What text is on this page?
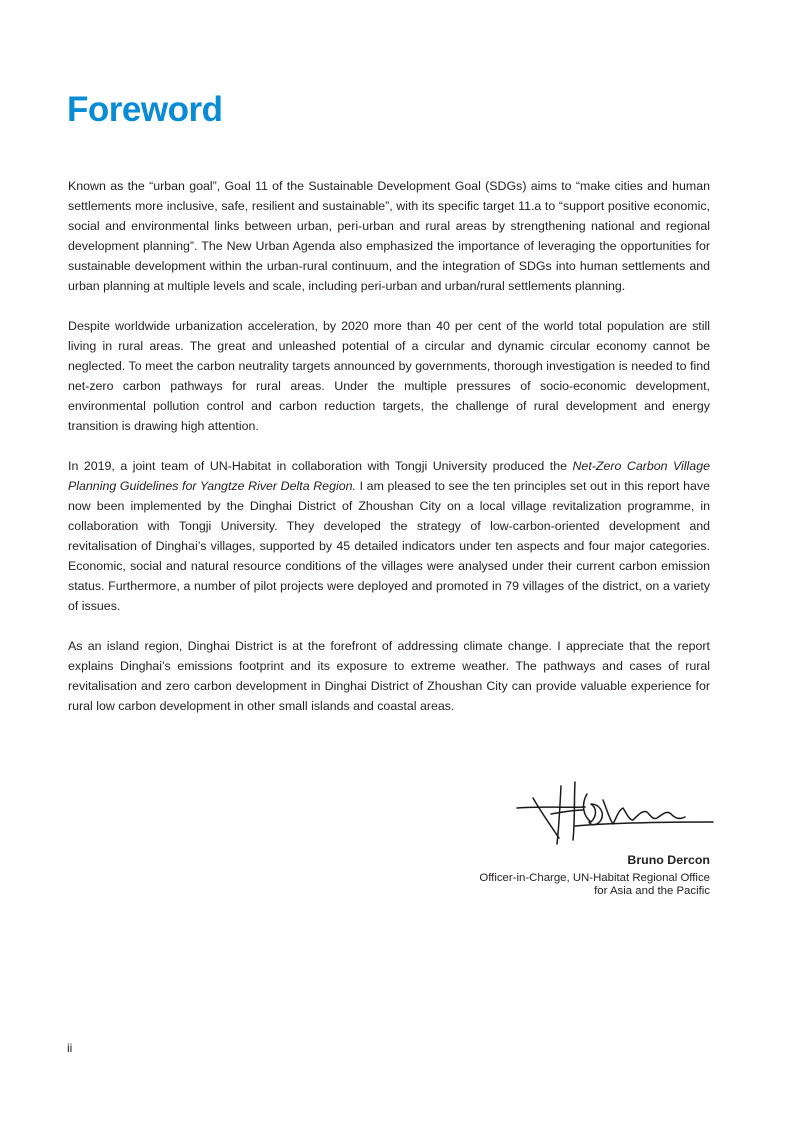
Foreword

Known as the “urban goal”, Goal 11 of the Sustainable Development Goal (SDGs) aims to “make cities and human settlements more inclusive, safe, resilient and sustainable”, with its specific target 11.a to “support positive economic, social and environmental links between urban, peri-urban and rural areas by strengthening national and regional development planning”. The New Urban Agenda also emphasized the importance of leveraging the opportunities for sustainable development within the urban-rural continuum, and the integration of SDGs into human settlements and urban planning at multiple levels and scale, including peri-urban and urban/rural settlements planning.

Despite worldwide urbanization acceleration, by 2020 more than 40 per cent of the world total population are still living in rural areas. The great and unleashed potential of a circular and dynamic circular economy cannot be neglected. To meet the carbon neutrality targets announced by governments, thorough investigation is needed to find net-zero carbon pathways for rural areas. Under the multiple pressures of socio-economic development, environmental pollution control and carbon reduction targets, the challenge of rural development and energy transition is drawing high attention.

In 2019, a joint team of UN-Habitat in collaboration with Tongji University produced the Net-Zero Carbon Village Planning Guidelines for Yangtze River Delta Region. I am pleased to see the ten principles set out in this report have now been implemented by the Dinghai District of Zhoushan City on a local village revitalization programme, in collaboration with Tongji University. They developed the strategy of low-carbon-oriented development and revitalisation of Dinghai’s villages, supported by 45 detailed indicators under ten aspects and four major categories. Economic, social and natural resource conditions of the villages were analysed under their current carbon emission status. Furthermore, a number of pilot projects were deployed and promoted in 79 villages of the district, on a variety of issues.

As an island region, Dinghai District is at the forefront of addressing climate change. I appreciate that the report explains Dinghai’s emissions footprint and its exposure to extreme weather. The pathways and cases of rural revitalisation and zero carbon development in Dinghai District of Zhoushan City can provide valuable experience for rural low carbon development in other small islands and coastal areas.

Bruno Dercon
Officer-in-Charge, UN-Habitat Regional Office
for Asia and the Pacific
ii
